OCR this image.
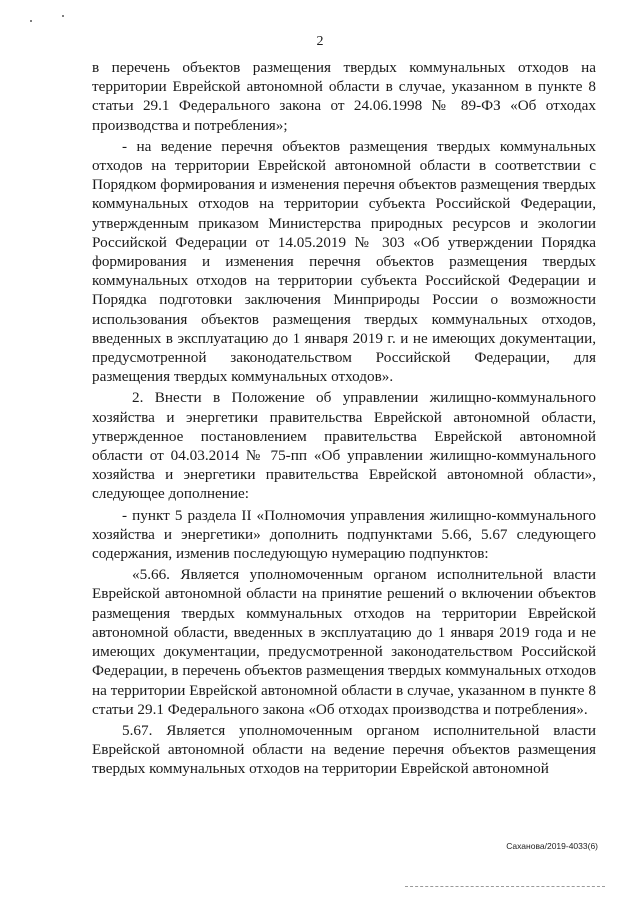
2

в перечень объектов размещения твердых коммунальных отходов на территории Еврейской автономной области в случае, указанном в пункте 8 статьи 29.1 Федерального закона от 24.06.1998 № 89-ФЗ «Об отходах производства и потребления»;

- на ведение перечня объектов размещения твердых коммунальных отходов на территории Еврейской автономной области в соответствии с Порядком формирования и изменения перечня объектов размещения твердых коммунальных отходов на территории субъекта Российской Федерации, утвержденным приказом Министерства природных ресурсов и экологии Российской Федерации от 14.05.2019 № 303 «Об утверждении Порядка формирования и изменения перечня объектов размещения твердых коммунальных отходов на территории субъекта Российской Федерации и Порядка подготовки заключения Минприроды России о возможности использования объектов размещения твердых коммунальных отходов, введенных в эксплуатацию до 1 января 2019 г. и не имеющих документации, предусмотренной законодательством Российской Федерации, для размещения твердых коммунальных отходов».

2. Внести в Положение об управлении жилищно-коммунального хозяйства и энергетики правительства Еврейской автономной области, утвержденное постановлением правительства Еврейской автономной области от 04.03.2014 № 75-пп «Об управлении жилищно-коммунального хозяйства и энергетики правительства Еврейской автономной области», следующее дополнение:

- пункт 5 раздела II «Полномочия управления жилищно-коммунального хозяйства и энергетики» дополнить подпунктами 5.66, 5.67 следующего содержания, изменив последующую нумерацию подпунктов:

«5.66. Является уполномоченным органом исполнительной власти Еврейской автономной области на принятие решений о включении объектов размещения твердых коммунальных отходов на территории Еврейской автономной области, введенных в эксплуатацию до 1 января 2019 года и не имеющих документации, предусмотренной законодательством Российской Федерации, в перечень объектов размещения твердых коммунальных отходов на территории Еврейской автономной области в случае, указанном в пункте 8 статьи 29.1 Федерального закона «Об отходах производства и потребления».

5.67. Является уполномоченным органом исполнительной власти Еврейской автономной области на ведение перечня объектов размещения твердых коммунальных отходов на территории Еврейской автономной

Саханова/2019-4033(6)
